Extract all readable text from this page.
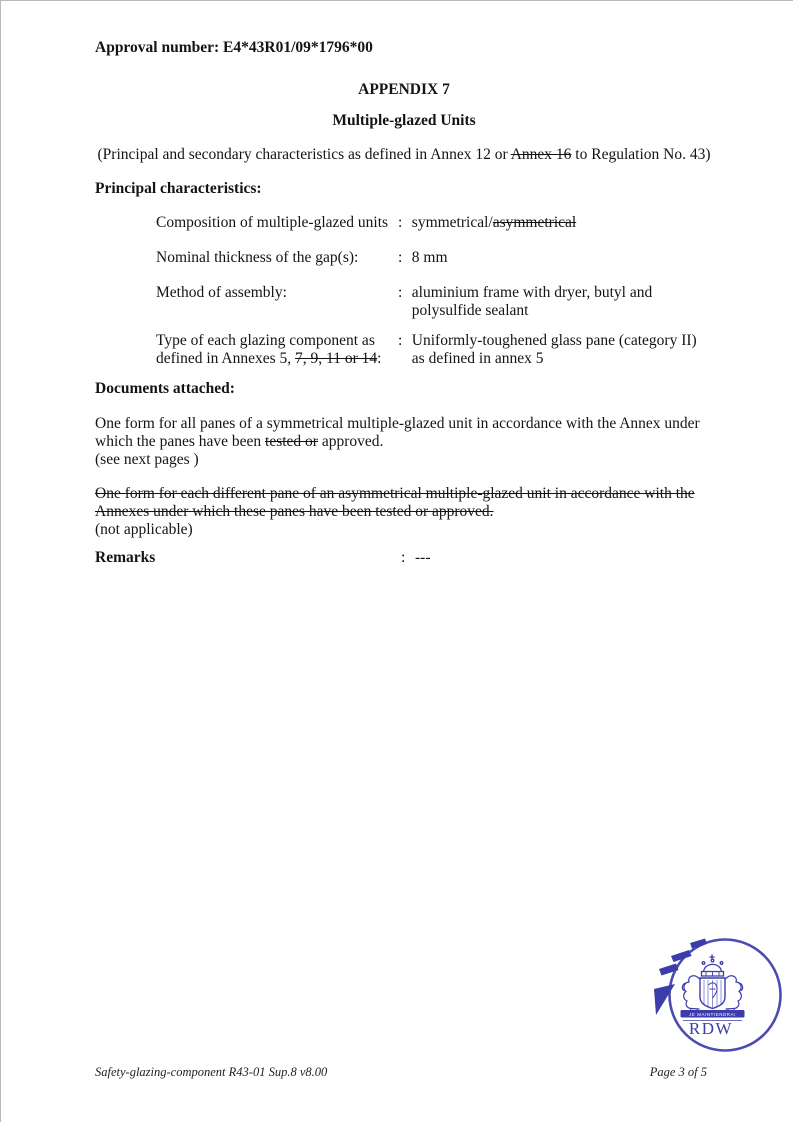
Approval number: E4*43R01/09*1796*00
APPENDIX 7
Multiple-glazed Units
(Principal and secondary characteristics as defined in Annex 12 or Annex 16 to Regulation No. 43)
Principal characteristics:
Composition of multiple-glazed units : symmetrical/asymmetrical
Nominal thickness of the gap(s):	: 8 mm
Method of assembly:	: aluminium frame with dryer, butyl and polysulfide sealant
Type of each glazing component as defined in Annexes 5, 7, 9, 11 or 14:
: Uniformly-toughened glass pane (category II) as defined in annex 5
Documents attached:
One form for all panes of a symmetrical multiple-glazed unit in accordance with the Annex under which the panes have been tested or approved.
(see next pages )
One form for each different pane of an asymmetrical multiple-glazed unit in accordance with the Annexes under which these panes have been tested or approved.
(not applicable)
Remarks	: ---
Safety-glazing-component R43-01 Sup.8 v8.00	Page 3 of 5
JE MAINTIENDRAI
RDW
